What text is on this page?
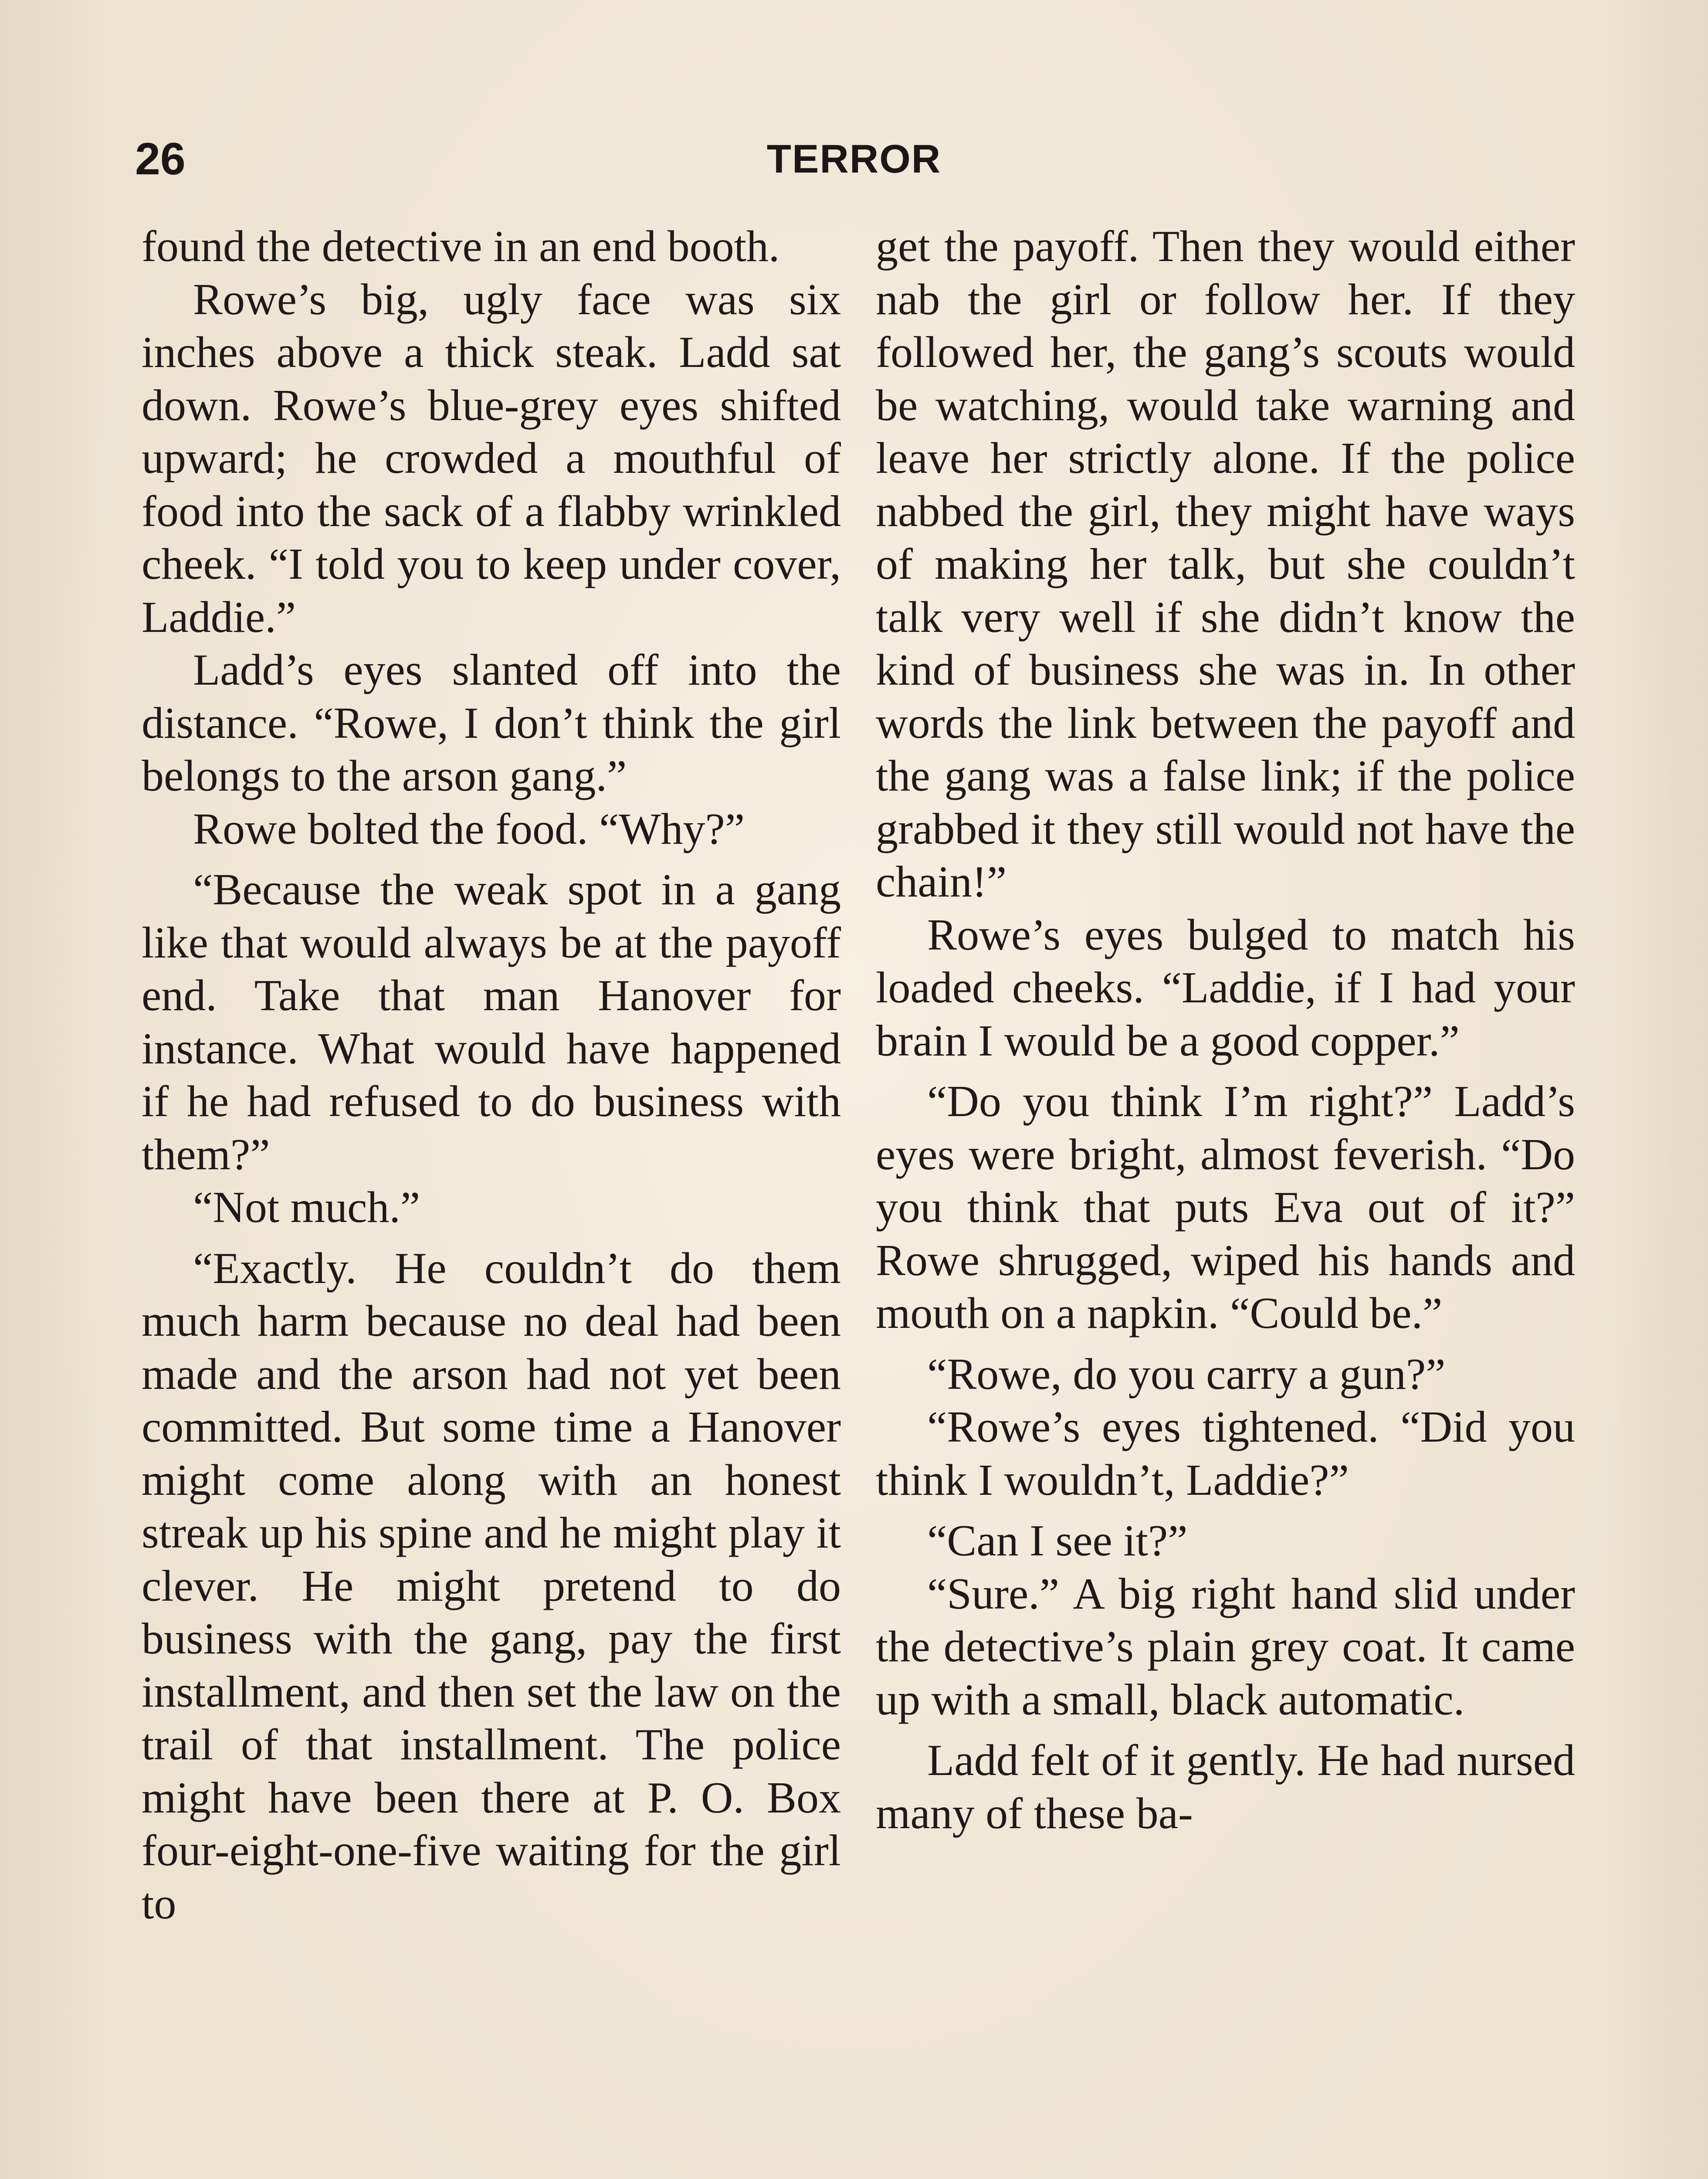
26	TERROR

found the detective in an end booth.

Rowe’s big, ugly face was six inches above a thick steak. Ladd sat down. Rowe’s blue-grey eyes shifted upward; he crowded a mouthful of food into the sack of a flabby wrinkled cheek. “I told you to keep under cover, Laddie.”

Ladd’s eyes slanted off into the distance. “Rowe, I don’t think the girl belongs to the arson gang.”

Rowe bolted the food. “Why?”

“Because the weak spot in a gang like that would always be at the payoff end. Take that man Hanover for instance. What would have happened if he had refused to do business with them?”

“Not much.”

“Exactly. He couldn’t do them much harm because no deal had been made and the arson had not yet been committed. But some time a Hanover might come along with an honest streak up his spine and he might play it clever. He might pretend to do business with the gang, pay the first installment, and then set the law on the trail of that installment. The police might have been there at P. O. Box four-eight-one-five waiting for the girl to

get the payoff. Then they would either nab the girl or follow her. If they followed her, the gang’s scouts would be watching, would take warning and leave her strictly alone. If the police nabbed the girl, they might have ways of making her talk, but she couldn’t talk very well if she didn’t know the kind of business she was in. In other words the link between the payoff and the gang was a false link; if the police grabbed it they still would not have the chain!”

Rowe’s eyes bulged to match his loaded cheeks. “Laddie, if I had your brain I would be a good copper.”

“Do you think I’m right?” Ladd’s eyes were bright, almost feverish. “Do you think that puts Eva out of it?” Rowe shrugged, wiped his hands and mouth on a napkin. “Could be.”

“Rowe, do you carry a gun?”

“Rowe’s eyes tightened. “Did you think I wouldn’t, Laddie?”

“Can I see it?”

“Sure.” A big right hand slid under the detective’s plain grey coat. It came up with a small, black automatic.

Ladd felt of it gently. He had nursed many of these ba-
